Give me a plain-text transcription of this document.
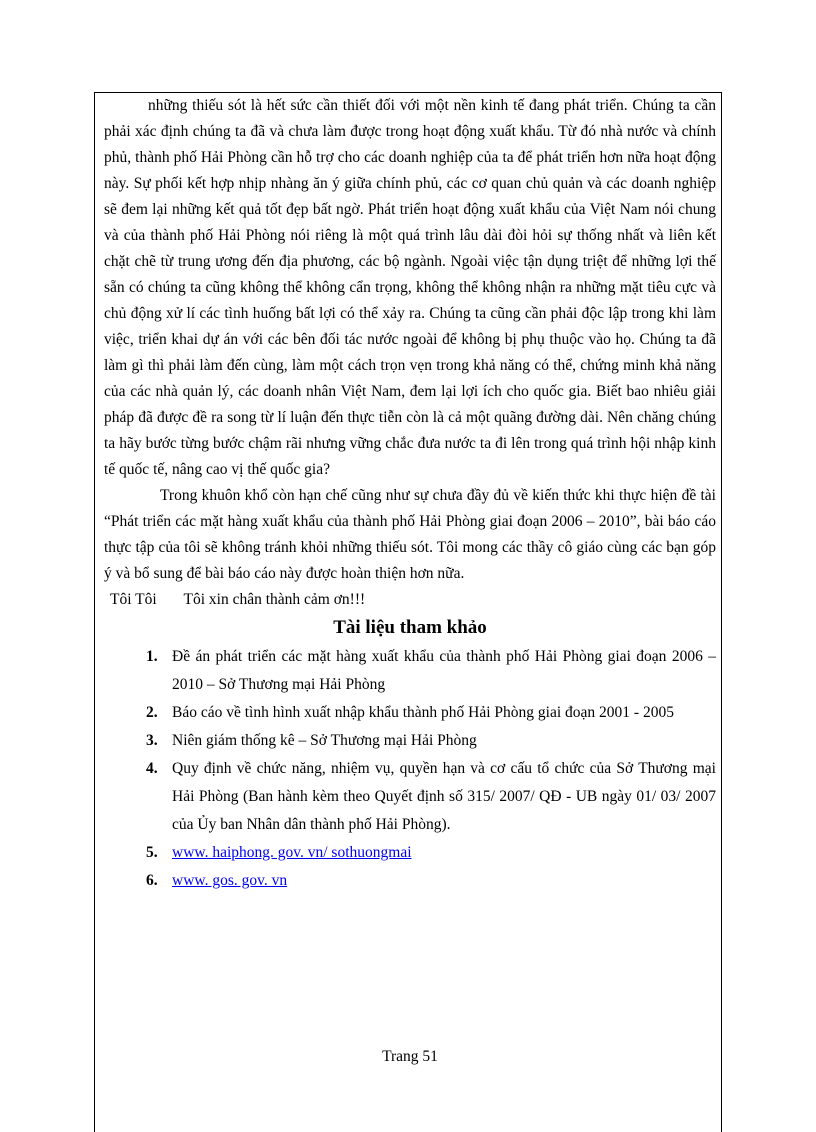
những thiếu sót là hết sức cần thiết đối với một nền kinh tế đang phát triển. Chúng ta cần phải xác định chúng ta đã và chưa làm được trong hoạt động xuất khẩu. Từ đó nhà nước và chính phủ, thành phố Hải Phòng cần hỗ trợ cho các doanh nghiệp của ta để phát triển hơn nữa hoạt động này. Sự phối kết hợp nhịp nhàng ăn ý giữa chính phủ, các cơ quan chủ quản và các doanh nghiệp sẽ đem lại những kết quả tốt đẹp bất ngờ. Phát triển hoạt động xuất khẩu của Việt Nam nói chung và của thành phố Hải Phòng nói riêng là một quá trình lâu dài đòi hỏi sự thống nhất và liên kết chặt chẽ từ trung ương đến địa phương, các bộ ngành. Ngoài việc tận dụng triệt để những lợi thế sẵn có chúng ta cũng không thể không cẩn trọng, không thể không nhận ra những mặt tiêu cực và chủ động xử lí các tình huống bất lợi có thể xảy ra. Chúng ta cũng cần phải độc lập trong khi làm việc, triển khai dự án với các bên đối tác nước ngoài để không bị phụ thuộc vào họ. Chúng ta đã làm gì thì phải làm đến cùng, làm một cách trọn vẹn trong khả năng có thể, chứng minh khả năng của các nhà quản lý, các doanh nhân Việt Nam, đem lại lợi ích cho quốc gia. Biết bao nhiêu giải pháp đã được đề ra song từ lí luận đến thực tiễn còn là cả một quãng đường dài. Nên chăng chúng ta hãy bước từng bước chậm rãi nhưng vững chắc đưa nước ta đi lên trong quá trình hội nhập kinh tế quốc tế, nâng cao vị thế quốc gia?

Trong khuôn khổ còn hạn chế cũng như sự chưa đầy đủ về kiến thức khi thực hiện đề tài “Phát triển các mặt hàng xuất khẩu của thành phố Hải Phòng giai đoạn 2006 – 2010”, bài báo cáo thực tập của tôi sẽ không tránh khỏi những thiếu sót. Tôi mong các thầy cô giáo cùng các bạn góp ý và bổ sung để bài báo cáo này được hoàn thiện hơn nữa.

Tôi Tôi       Tôi xin chân thành cảm ơn!!!

Tài liệu tham khảo
1. Đề án phát triển các mặt hàng xuất khẩu của thành phố Hải Phòng giai đoạn 2006 – 2010 – Sở Thương mại Hải Phòng
2. Báo cáo về tình hình xuất nhập khẩu thành phố Hải Phòng giai đoạn 2001 - 2005
3. Niên giám thống kê – Sở Thương mại Hải Phòng
4. Quy định về chức năng, nhiệm vụ, quyền hạn và cơ cấu tổ chức của Sở Thương mại Hải Phòng (Ban hành kèm theo Quyết định số 315/ 2007/ QĐ - UB ngày 01/ 03/ 2007 của Ủy ban Nhân dân thành phố Hải Phòng).
5. www. haiphong. gov. vn/ sothuongmai
6. www. gos. gov. vn
Trang 51
